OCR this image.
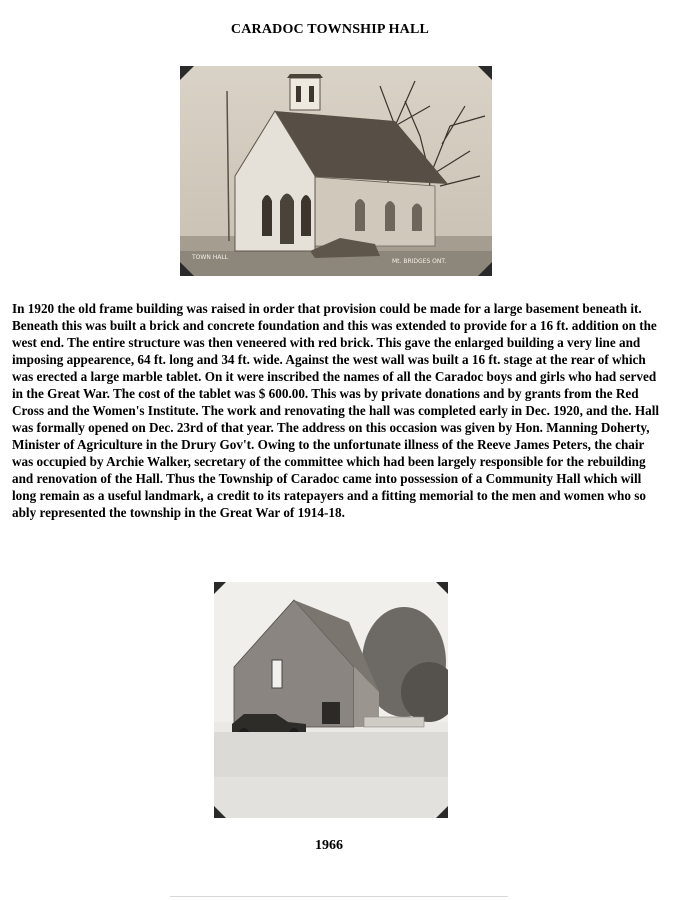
CARADOC TOWNSHIP HALL
TOWN HALL
Mt. BRIDGES ONT.

In 1920 the old frame building was raised in order that provision could be made for a large basement beneath it. Beneath this was built a brick and concrete foundation and this was extended to provide for a 16 ft. addition on the west end. The entire structure was then veneered with red brick. This gave the enlarged building a very line and imposing appearence, 64 ft. long and 34 ft. wide. Against the west wall was built a 16 ft. stage at the rear of which was erected a large marble tablet. On it were inscribed the names of all the Caradoc boys and girls who had served in the Great War. The cost of the tablet was $ 600.00. This was by private donations and by grants from the Red Cross and the Women's Institute. The work and renovating the hall was completed early in Dec. 1920, and the. Hall was formally opened on Dec. 23rd of that year. The address on this occasion was given by Hon. Manning Doherty, Minister of Agriculture in the Drury Gov't. Owing to the unfortunate illness of the Reeve James Peters, the chair was occupied by Archie Walker, secretary of the committee which had been largely responsible for the rebuilding and renovation of the Hall. Thus the Township of Caradoc came into possession of a Community Hall which will long remain as a useful landmark, a credit to its ratepayers and a fitting memorial to the men and women who so ably represented the township in the Great War of 1914-18.

1966
